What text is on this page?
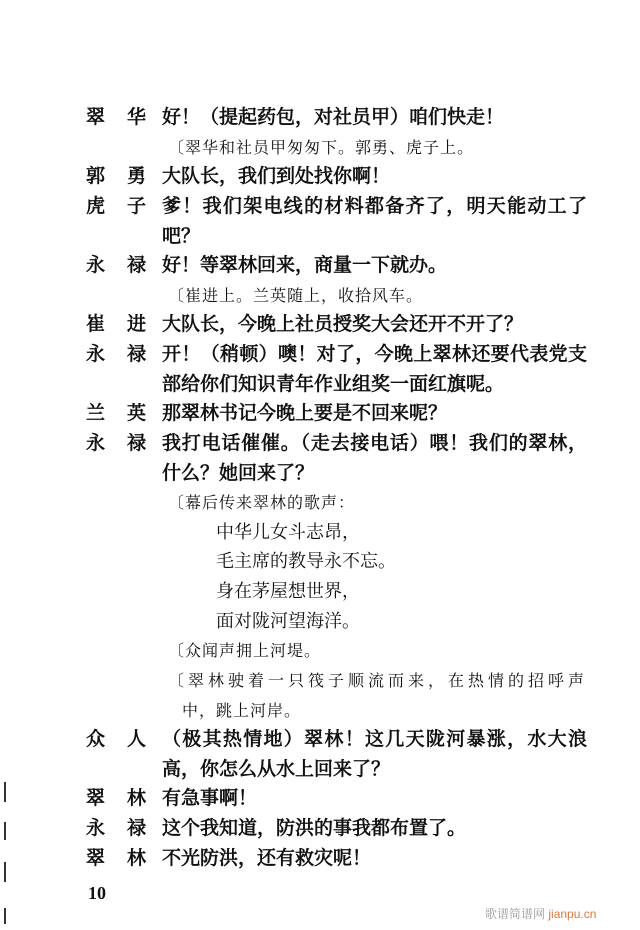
翠 华 好！（提起药包，对社员甲）咱们快走！
〔翠华和社员甲匆匆下。郭勇、虎子上。
郭 勇 大队长，我们到处找你啊！
虎 子 爹！我们架电线的材料都备齐了，明天能动工了
吧？
永 禄 好！等翠林回来，商量一下就办。
〔崔进上。兰英随上，收拾风车。
崔 进 大队长，今晚上社员授奖大会还开不开了？
永 禄 开！（稍顿）噢！对了，今晚上翠林还要代表党支
部给你们知识青年作业组奖一面红旗呢。
兰 英 那翠林书记今晚上要是不回来呢？
永 禄 我打电话催催。（走去接电话）喂！我们的翠林，
什么？她回来了？
〔幕后传来翠林的歌声：
中华儿女斗志昂，
毛主席的教导永不忘。
身在茅屋想世界，
面对陇河望海洋。
〔众闻声拥上河堤。
〔翠林驶着一只筏子顺流而来，在热情的招呼声
中，跳上河岸。
众 人 （极其热情地）翠林！这几天陇河暴涨，水大浪
高，你怎么从水上回来了？
翠 林 有急事啊！
永 禄 这个我知道，防洪的事我都布置了。
翠 林 不光防洪，还有救灾呢！
10
歌谱简谱网 jianpu.cn
